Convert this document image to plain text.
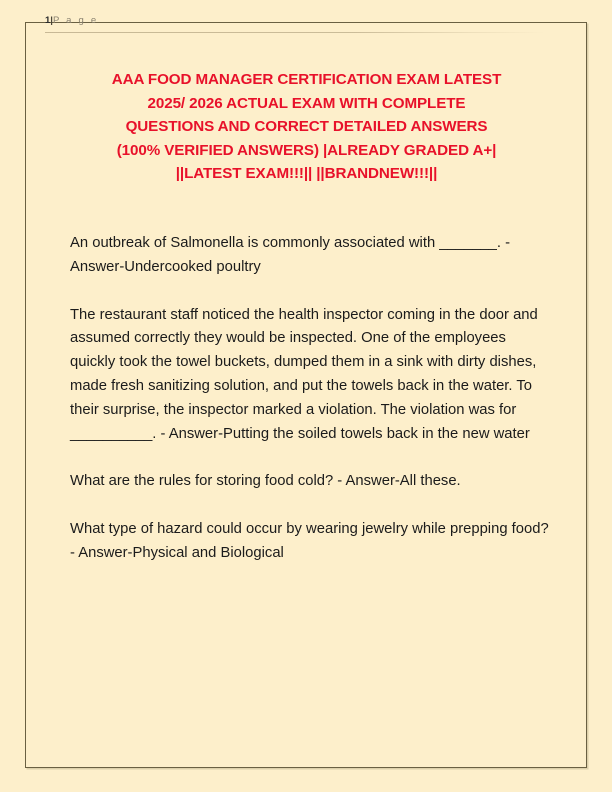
1|P a g e
AAA FOOD MANAGER CERTIFICATION EXAM LATEST
2025/ 2026 ACTUAL EXAM WITH COMPLETE
QUESTIONS AND CORRECT DETAILED ANSWERS
(100% VERIFIED ANSWERS) |ALREADY GRADED A+|
||LATEST EXAM!!!|| ||BRANDNEW!!!||

An outbreak of Salmonella is commonly associated with _______. - Answer-Undercooked poultry

The restaurant staff noticed the health inspector coming in the door and assumed correctly they would be inspected. One of the employees quickly took the towel buckets, dumped them in a sink with dirty dishes, made fresh sanitizing solution, and put the towels back in the water. To their surprise, the inspector marked a violation. The violation was for __________. - Answer-Putting the soiled towels back in the new water

What are the rules for storing food cold? - Answer-All these.

What type of hazard could occur by wearing jewelry while prepping food? - Answer-Physical and Biological
